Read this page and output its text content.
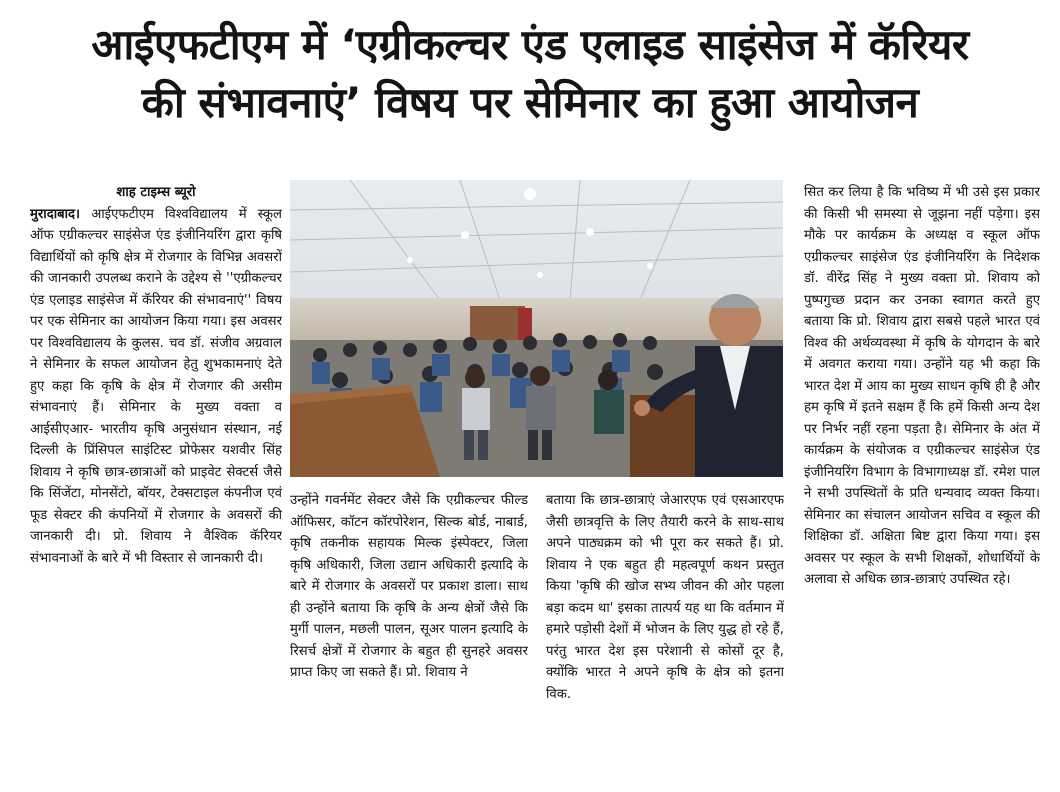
आईएफटीएम में ‘एग्रीकल्चर एंड एलाइड साइंसेज में कॅरियर
की संभावनाएं’ विषय पर सेमिनार का हुआ आयोजन
शाह टाइम्स ब्यूरो

मुरादाबाद। आईएफटीएम विश्वविद्यालय में स्कूल ऑफ एग्रीकल्चर साइंसेज एंड इंजीनियरिंग द्वारा कृषि विद्यार्थियों को कृषि क्षेत्र में रोजगार के विभिन्न अवसरों की जानकारी उपलब्ध कराने के उद्देश्य से ''एग्रीकल्चर एंड एलाइड साइंसेज में कॅरियर की संभावनाएं'' विषय पर एक सेमिनार का आयोजन किया गया। इस अवसर पर विश्वविद्यालय के कुलस. चव डॉ. संजीव अग्रवाल ने सेमिनार के सफल आयोजन हेतु शुभकामनाएं देते हुए कहा कि कृषि के क्षेत्र में रोजगार की असीम संभावनाएं हैं। सेमिनार के मुख्य वक्ता व आईसीएआर- भारतीय कृषि अनुसंधान संस्थान, नई दिल्ली के प्रिंसिपल साइंटिस्ट प्रोफेसर यशवीर सिंह शिवाय ने कृषि छात्र-छात्राओं को प्राइवेट सेक्टर्स जैसे कि सिंजेंटा, मोनसेंटो, बॉयर, टेक्सटाइल कंपनीज एवं फूड सेक्टर की कंपनियों में रोजगार के अवसरों की जानकारी दी। प्रो. शिवाय ने वैश्विक कॅरियर संभावनाओं के बारे में भी विस्तार से जानकारी दी।

उन्होंने गवर्नमेंट सेक्टर जैसे कि एग्रीकल्चर फील्ड ऑफिसर, कॉटन कॉरपोरेशन, सिल्क बोर्ड, नाबार्ड, कृषि तकनीक सहायक मिल्क इंस्पेक्टर, जिला कृषि अधिकारी, जिला उद्यान अधिकारी इत्यादि के बारे में रोजगार के अवसरों पर प्रकाश डाला। साथ ही उन्होंने बताया कि कृषि के अन्य क्षेत्रों जैसे कि मुर्गी पालन, मछली पालन, सूअर पालन इत्यादि के रिसर्च क्षेत्रों में रोजगार के बहुत ही सुनहरे अवसर प्राप्त किए जा सकते हैं। प्रो. शिवाय ने

बताया कि छात्र-छात्राएं जेआरएफ एवं एसआरएफ जैसी छात्रवृत्ति के लिए तैयारी करने के साथ-साथ अपने पाठ्यक्रम को भी पूरा कर सकते हैं। प्रो. शिवाय ने एक बहुत ही महत्वपूर्ण कथन प्रस्तुत किया 'कृषि की खोज सभ्य जीवन की ओर पहला बड़ा कदम था' इसका तात्पर्य यह था कि वर्तमान में हमारे पड़ोसी देशों में भोजन के लिए युद्ध हो रहे हैं, परंतु भारत देश इस परेशानी से कोसों दूर है, क्योंकि भारत ने अपने कृषि के क्षेत्र को इतना विक.

सित कर लिया है कि भविष्य में भी उसे इस प्रकार की किसी भी समस्या से जूझना नहीं पड़ेगा। इस मौके पर कार्यक्रम के अध्यक्ष व स्कूल ऑफ एग्रीकल्चर साइंसेज एंड इंजीनियरिंग के निदेशक डॉ. वीरेंद्र सिंह ने मुख्य वक्ता प्रो. शिवाय को पुष्पगुच्छ प्रदान कर उनका स्वागत करते हुए बताया कि प्रो. शिवाय द्वारा सबसे पहले भारत एवं विश्व की अर्थव्यवस्था में कृषि के योगदान के बारे में अवगत कराया गया। उन्होंने यह भी कहा कि भारत देश में आय का मुख्य साधन कृषि ही है और हम कृषि में इतने सक्षम हैं कि हमें किसी अन्य देश पर निर्भर नहीं रहना पड़ता है। सेमिनार के अंत में कार्यक्रम के संयोजक व एग्रीकल्चर साइंसेज एंड इंजीनियरिंग विभाग के विभागाध्यक्ष डॉ. रमेश पाल ने सभी उपस्थितों के प्रति धन्यवाद व्यक्त किया। सेमिनार का संचालन आयोजन सचिव व स्कूल की शिक्षिका डॉ. अक्षिता बिष्ट द्वारा किया गया। इस अवसर पर स्कूल के सभी शिक्षकों, शोधार्थियों के अलावा से अधिक छात्र-छात्राएं उपस्थित रहे।
